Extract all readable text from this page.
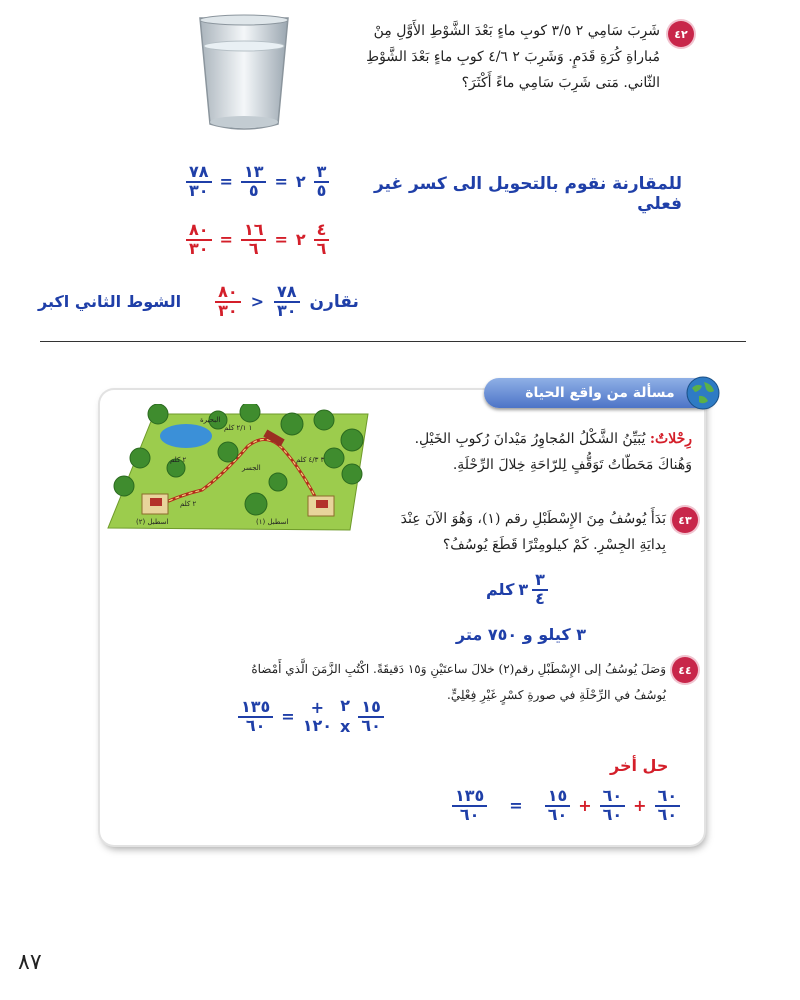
٤٢
شَرِبَ سَامِي ٢ ٣/٥ كوبِ ماءٍ بَعْدَ الشَّوْطِ الأَوَّلِ مِنْ
مُباراةِ كُرَةِ قَدَمٍ. وَشَرِبَ ٢ ٤/٦ كوبِ ماءٍ بَعْدَ الشَّوْطِ
الثّاني. مَتى شَرِبَ سَامِي ماءً أَكْثَرَ؟
للمقارنة نقوم بالتحويل الى كسر غير فعلي
$\frac{٧٨}{٣٠} = \frac{١٣}{٥}$ = ٢ $\frac{٣}{٥}$
$\frac{٨٠}{٣٠} = \frac{١٦}{٦}$ = ٢ $\frac{٤}{٦}$
الشوط الثاني اكبر $\frac{٨٠}{٣٠} > \frac{٧٨}{٣٠}$ نقارن
مسألة من واقع الحياة
البحيرة
١ ٢/١ كلم
٢ كلم
الجسر
٣ ٤/٣ كلم
٢ كلم
اسطبل (١)
اسطبل (٢)
رِحْلاتٌ: يُبَيِّنُ الشَّكْلُ المُجاوِرُ مَيْدانَ رُكوبِ الخَيْلِ.
وَهُناكَ مَحَطّاتُ تَوَقُّفٍ لِلرّاحَةِ خِلالَ الرِّحْلَةِ.
٤٣
بَدَأَ يُوسُفُ مِنَ الإِسْطَبْلِ رقم (١)، وَهُوَ الآنَ عِنْدَ
بِدايَةِ الجِسْرِ. كَمْ كيلومِتْرًا قَطَعَ يُوسُفُ؟
كلم ٣ $\frac{٣}{٤}$
٣ كيلو و ٧٥٠ متر
٤٤
وَصَلَ يُوسُفُ إلى الإِسْطَبْلِ رقم(٢) خلالَ ساعتَيْنِ وَ١٥ دَقيقَةً. اكْتُبِ الزَّمَنَ الَّذي أَمْضاهُ
يُوسُفُ في الرِّحْلَةِ في صورةِ كسْرٍ غَيْرِ فِعْلِيٍّ.
$\frac{١٣٥}{٦٠}$ = +
١٢٠
٢
x $\frac{١٥}{٦٠}$
حل أخر
$\frac{١٣٥}{٦٠} = \frac{١٥}{٦٠} + \frac{٦٠}{٦٠} + \frac{٦٠}{٦٠}$
٨٧
